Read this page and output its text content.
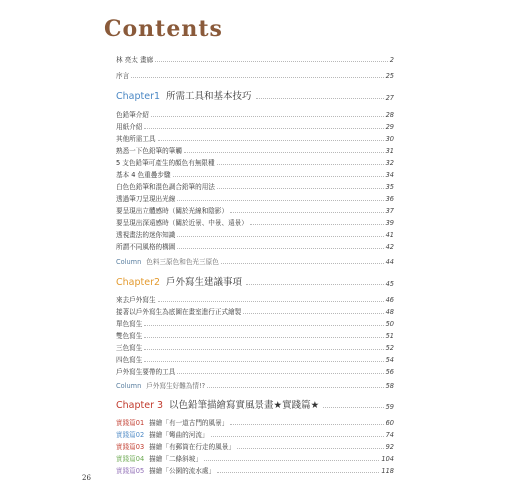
Contents
林 亮太 畫廊	2
序言	25
Chapter1 所需工具和基本技巧	27
色鉛筆介紹	28
用紙介紹	29
其他所需工具	30
熟悉一下色鉛筆的筆觸	31
5 支色鉛筆可產生的顏色有無限種	32
基本 4 色重疊步驟	34
白色色鉛筆和混色調合鉛筆的用法	35
透過筆刀呈現出光線	36
要呈現出立體感時（關於光線和陰影）	37
要呈現出深遠感時（關於近景、中景、遠景）	39
透視畫法的迷你知識	41
所謂不同風格的構圖	42
Column 色料三原色和色光三原色	44
Chapter2 戶外寫生建議事項	45
來去戶外寫生	46
接著以戶外寫生為底圖在畫室進行正式繪製	48
單色寫生	50
雙色寫生	51
三色寫生	52
四色寫生	54
戶外寫生要帶的工具	56
Column 戶外寫生好難為情!?	58
Chapter 3 以色鉛筆描繪寫實風景畫★實踐篇★	59
實踐篇01 描繪「有一道古門的風景」	60
實踐篇02 描繪「彎曲的河流」	74
實踐篇03 描繪「有郵筒在行走的風景」	92
實踐篇04 描繪「二條斜坡」	104
實踐篇05 描繪「公園的流水處」	118
26
